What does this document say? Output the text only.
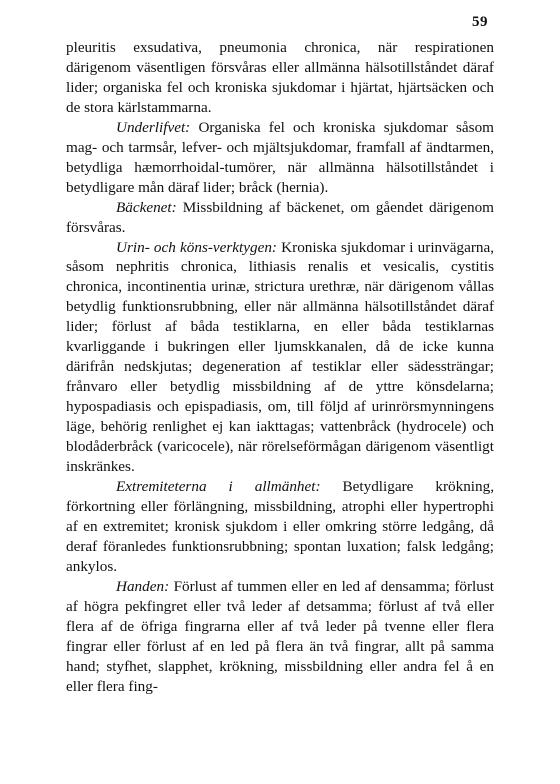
59

pleuritis exsudativa, pneumonia chronica, när respirationen därigenom väsentligen försvåras eller allmänna hälsotillståndet däraf lider; organiska fel och kroniska sjukdomar i hjärtat, hjärtsäcken och de stora kärlstammarna.

Underlifvet: Organiska fel och kroniska sjukdomar såsom mag- och tarmsår, lefver- och mjältsjukdomar, framfall af ändtarmen, betydliga hæmorrhoidal-tumörer, när allmänna hälsotillståndet i betydligare mån däraf lider; bråck (hernia).

Bäckenet: Missbildning af bäckenet, om gåendet därigenom försvåras.

Urin- och köns-verktygen: Kroniska sjukdomar i urinvägarna, såsom nephritis chronica, lithiasis renalis et vesicalis, cystitis chronica, incontinentia urinæ, strictura urethræ, när därigenom vållas betydlig funktionsrubbning, eller när allmänna hälsotillståndet däraf lider; förlust af båda testiklarna, en eller båda testiklarnas kvarliggande i bukringen eller ljumskkanalen, då de icke kunna därifrån nedskjutas; degeneration af testiklar eller sädessträngar; frånvaro eller betydlig missbildning af de yttre könsdelarna; hypospadiasis och epispadiasis, om, till följd af urinrörsmynningens läge, behörig renlighet ej kan iakttagas; vattenbråck (hydrocele) och blodåderbråck (varicocele), när rörelseförmågan därigenom väsentligt inskränkes.

Extremiteterna i allmänhet: Betydligare krökning, förkortning eller förlängning, missbildning, atrophi eller hypertrophi af en extremitet; kronisk sjukdom i eller omkring större ledgång, då deraf föranledes funktionsrubbning; spontan luxation; falsk ledgång; ankylos.

Handen: Förlust af tummen eller en led af densamma; förlust af högra pekfingret eller två leder af detsamma; förlust af två eller flera af de öfriga fingrarna eller af två leder på tvenne eller flera fingrar eller förlust af en led på flera än två fingrar, allt på samma hand; styfhet, slapphet, krökning, missbildning eller andra fel å en eller flera fing-
